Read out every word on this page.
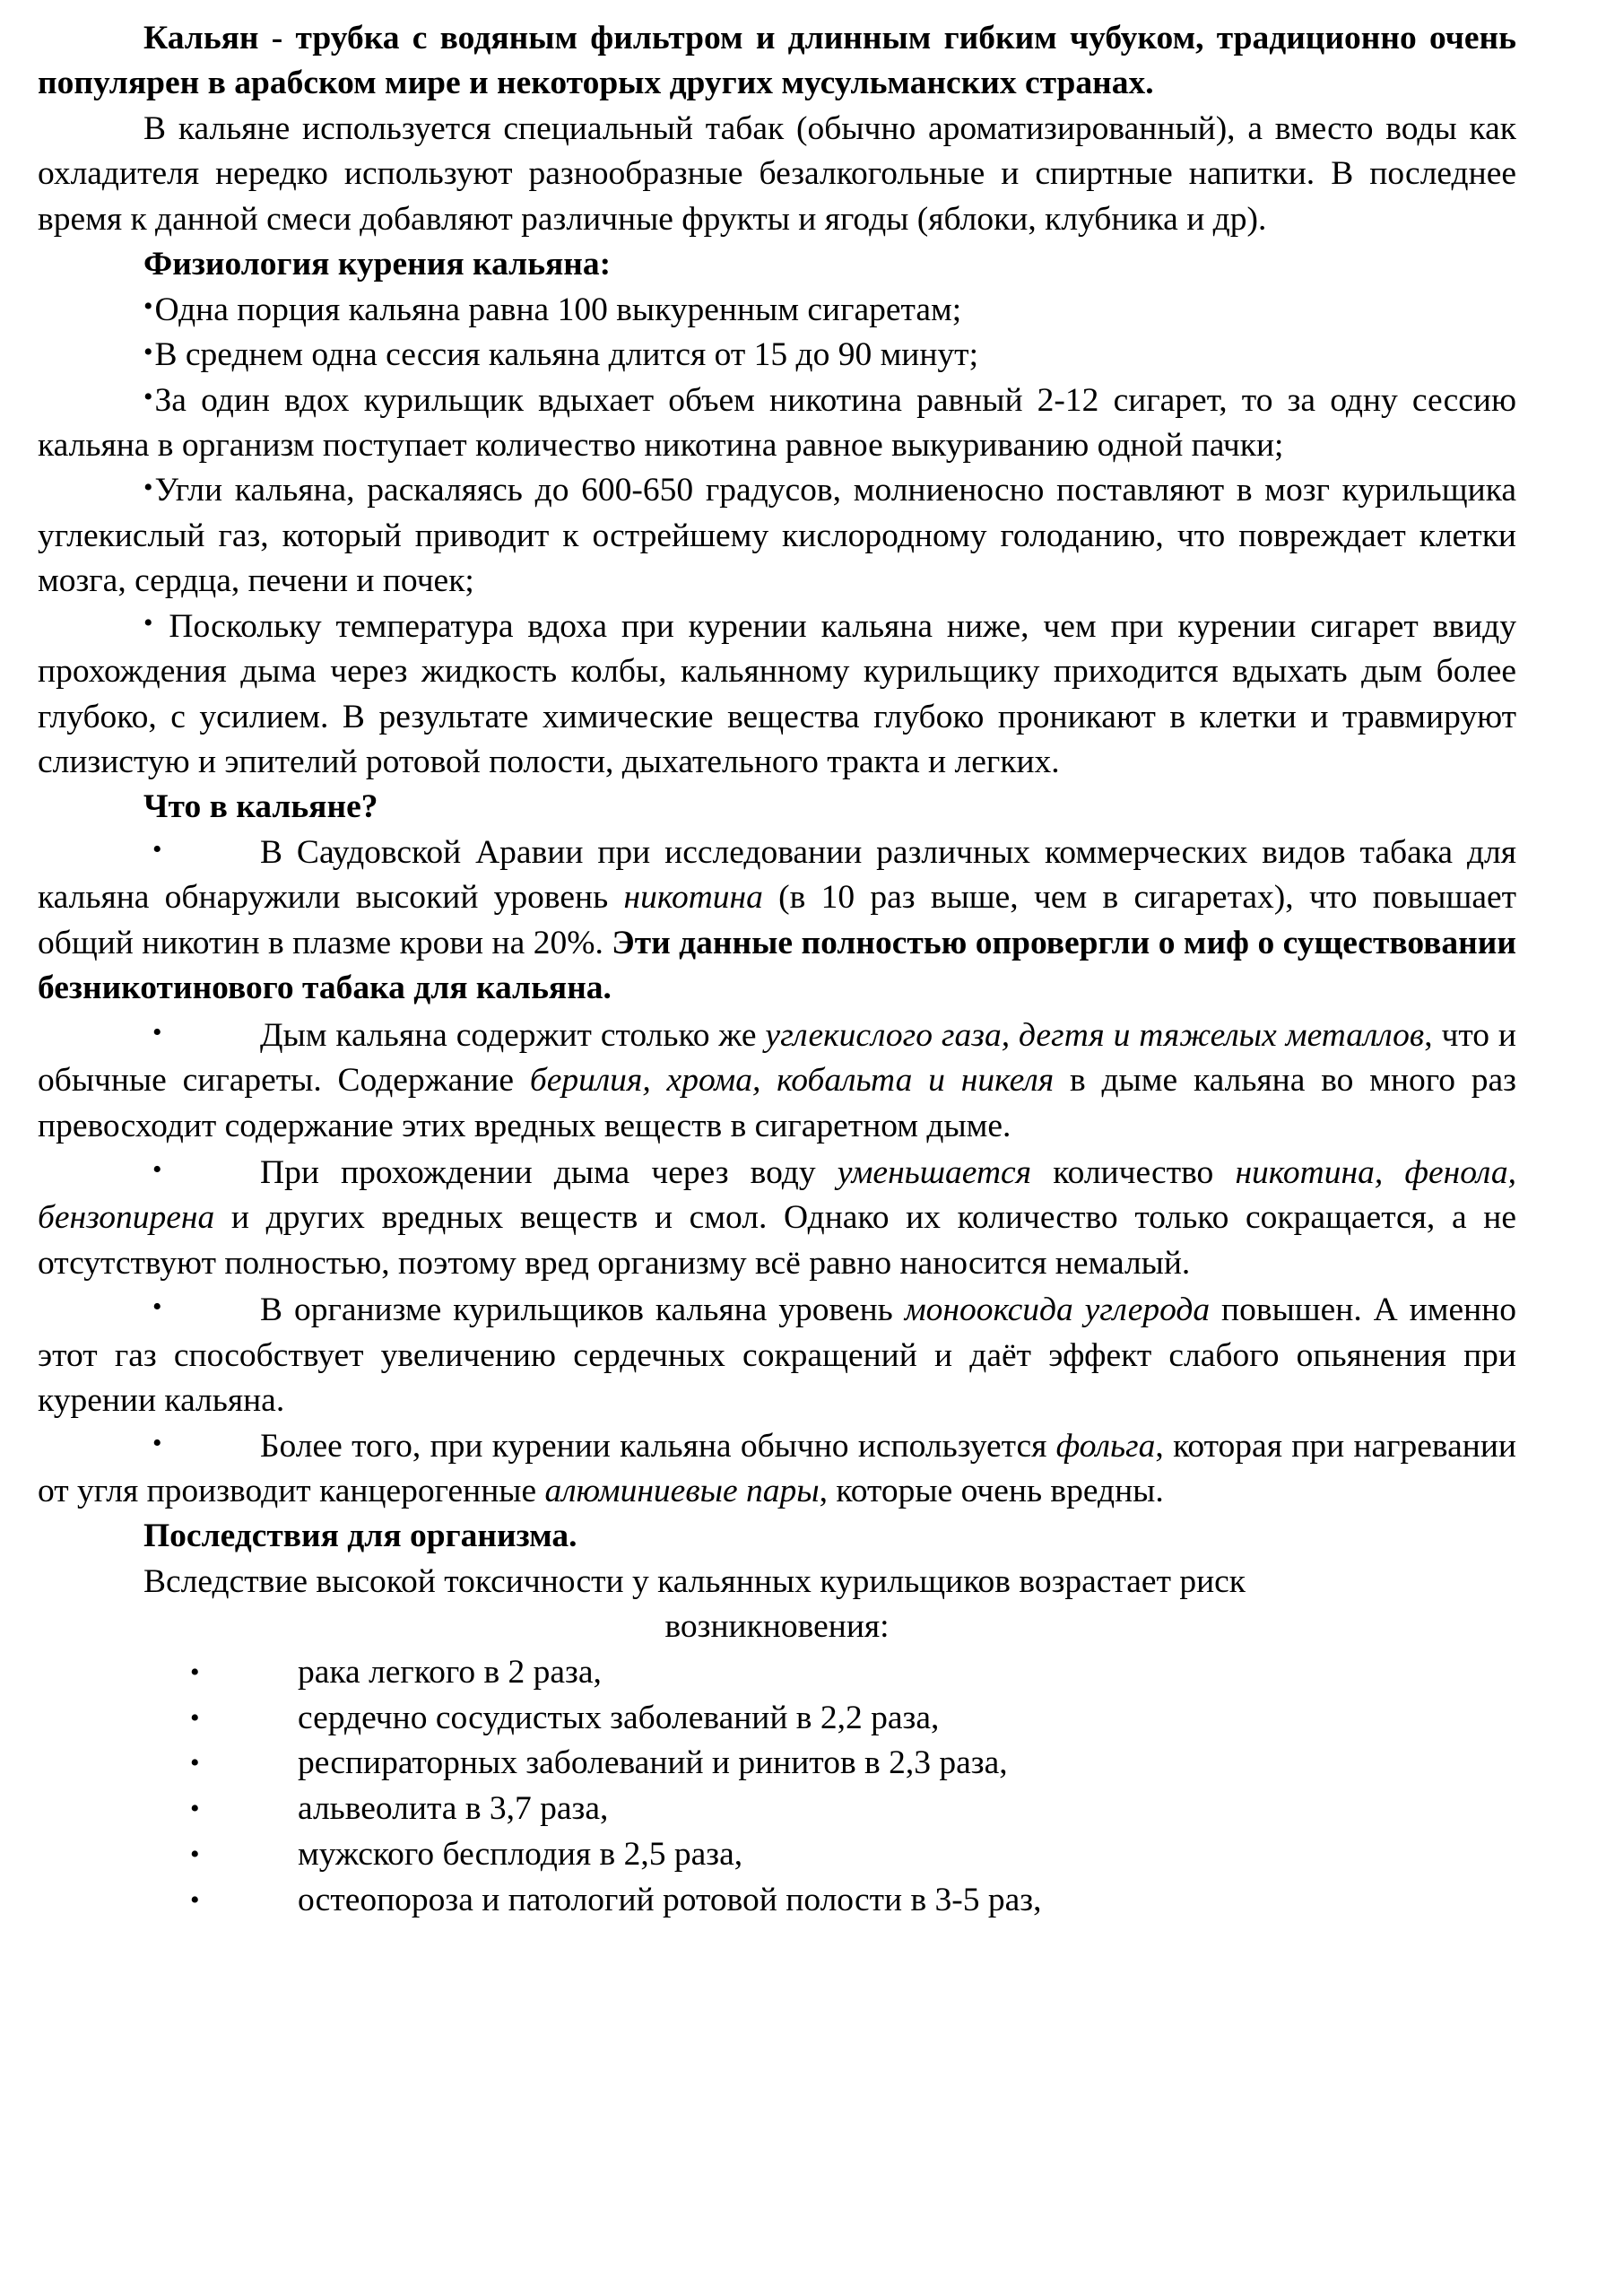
Кальян - трубка с водяным фильтром и длинным гибким чубуком, традиционно очень популярен в арабском мире и некоторых других мусульманских странах.

В кальяне используется специальный табак (обычно ароматизированный), а вместо воды как охладителя нередко используют разнообразные безалкогольные и спиртные напитки. В последнее время к данной смеси добавляют различные фрукты и ягоды (яблоки, клубника и др).

Физиология курения кальяна:

•Одна порция кальяна равна 100 выкуренным сигаретам;

•В среднем одна сессия кальяна длится от 15 до 90 минут;

•За один вдох курильщик вдыхает объем никотина равный 2-12 сигарет, то за одну сессию кальяна в организм поступает количество никотина равное выкуриванию одной пачки;

•Угли кальяна, раскаляясь до 600-650 градусов, молниеносно поставляют в мозг курильщика углекислый газ, который приводит к острейшему кислородному голоданию, что повреждает клетки мозга, сердца, печени и почек;

• Поскольку температура вдоха при курении кальяна ниже, чем при курении сигарет ввиду прохождения дыма через жидкость колбы, кальянному курильщику приходится вдыхать дым более глубоко, с усилием. В результате химические вещества глубоко проникают в клетки и травмируют слизистую и эпителий ротовой полости, дыхательного тракта и легких.

Что в кальяне?

•	В Саудовской Аравии при исследовании различных коммерческих видов табака для кальяна обнаружили высокий уровень никотина (в 10 раз выше, чем в сигаретах), что повышает общий никотин в плазме крови на 20%. Эти данные полностью опровергли о миф о существовании безникотинового табака для кальяна.

•	Дым кальяна содержит столько же углекислого газа, дегтя и тяжелых металлов, что и обычные сигареты. Содержание берилия, хрома, кобальта и никеля в дыме кальяна во много раз превосходит содержание этих вредных веществ в сигаретном дыме.

•	При прохождении дыма через воду уменьшается количество никотина, фенола, бензопирена и других вредных веществ и смол. Однако их количество только сокращается, а не отсутствуют полностью, поэтому вред организму всё равно наносится немалый.

•	В организме курильщиков кальяна уровень монооксида углерода повышен. А именно этот газ способствует увеличению сердечных сокращений и даёт эффект слабого опьянения при курении кальяна.

•	Более того, при курении кальяна обычно используется фольга, которая при нагревании от угля производит канцерогенные алюминиевые пары, которые очень вредны.

Последствия для организма.

Вследствие высокой токсичности у кальянных курильщиков возрастает риск

возникновения:

•	рака легкого в 2 раза,
•	сердечно сосудистых заболеваний в 2,2 раза,
•	респираторных заболеваний и ринитов в 2,3 раза,
•	альвеолита в 3,7 раза,
•	мужского бесплодия в 2,5 раза,
•	остеопороза и патологий ротовой полости в 3-5 раз,
